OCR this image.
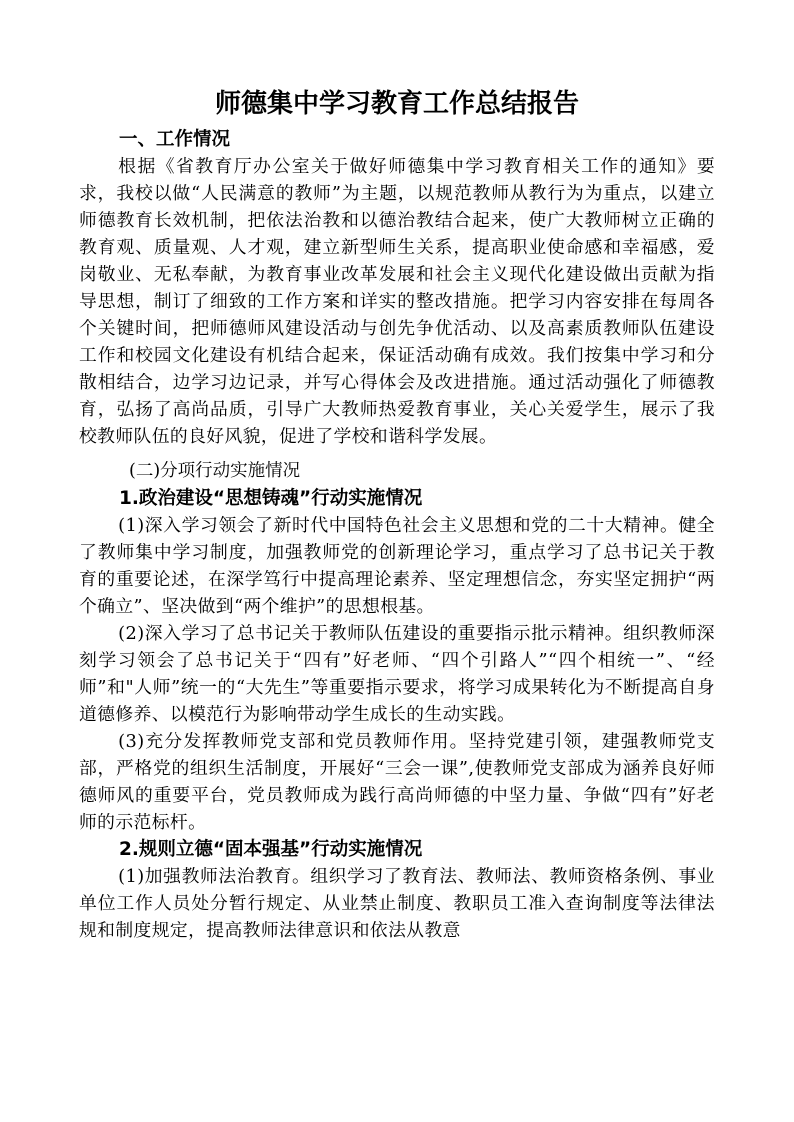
师德集中学习教育工作总结报告
一、工作情况

根据《省教育厅办公室关于做好师德集中学习教育相关工作的通知》要求，我校以做“人民满意的教师”为主题，以规范教师从教行为为重点，以建立师德教育长效机制，把依法治教和以德治教结合起来，使广大教师树立正确的教育观、质量观、人才观，建立新型师生关系，提高职业使命感和幸福感，爱岗敬业、无私奉献，为教育事业改革发展和社会主义现代化建设做出贡献为指导思想，制订了细致的工作方案和详实的整改措施。把学习内容安排在每周各个关键时间，把师德师风建设活动与创先争优活动、以及高素质教师队伍建设工作和校园文化建设有机结合起来，保证活动确有成效。我们按集中学习和分散相结合，边学习边记录，并写心得体会及改进措施。通过活动强化了师德教育，弘扬了高尚品质，引导广大教师热爱教育事业，关心关爱学生，展示了我校教师队伍的良好风貌，促进了学校和谐科学发展。

(二)分项行动实施情况
1.政治建设“思想铸魂”行动实施情况

(1)深入学习领会了新时代中国特色社会主义思想和党的二十大精神。健全了教师集中学习制度，加强教师党的创新理论学习，重点学习了总书记关于教育的重要论述，在深学笃行中提高理论素养、坚定理想信念，夯实坚定拥护“两个确立”、坚决做到“两个维护”的思想根基。

(2)深入学习了总书记关于教师队伍建设的重要指示批示精神。组织教师深刻学习领会了总书记关于“四有”好老师、“四个引路人”“四个相统一”、“经师”和"人师”统一的“大先生”等重要指示要求，将学习成果转化为不断提高自身道德修养、以模范行为影响带动学生成长的生动实践。

(3)充分发挥教师党支部和党员教师作用。坚持党建引领，建强教师党支部，严格党的组织生活制度，开展好“三会一课”,使教师党支部成为涵养良好师德师风的重要平台，党员教师成为践行高尚师德的中坚力量、争做“四有”好老师的示范标杆。

2.规则立德“固本强基”行动实施情况

(1)加强教师法治教育。组织学习了教育法、教师法、教师资格条例、事业单位工作人员处分暂行规定、从业禁止制度、教职员工准入查询制度等法律法规和制度规定，提高教师法律意识和依法从教意
